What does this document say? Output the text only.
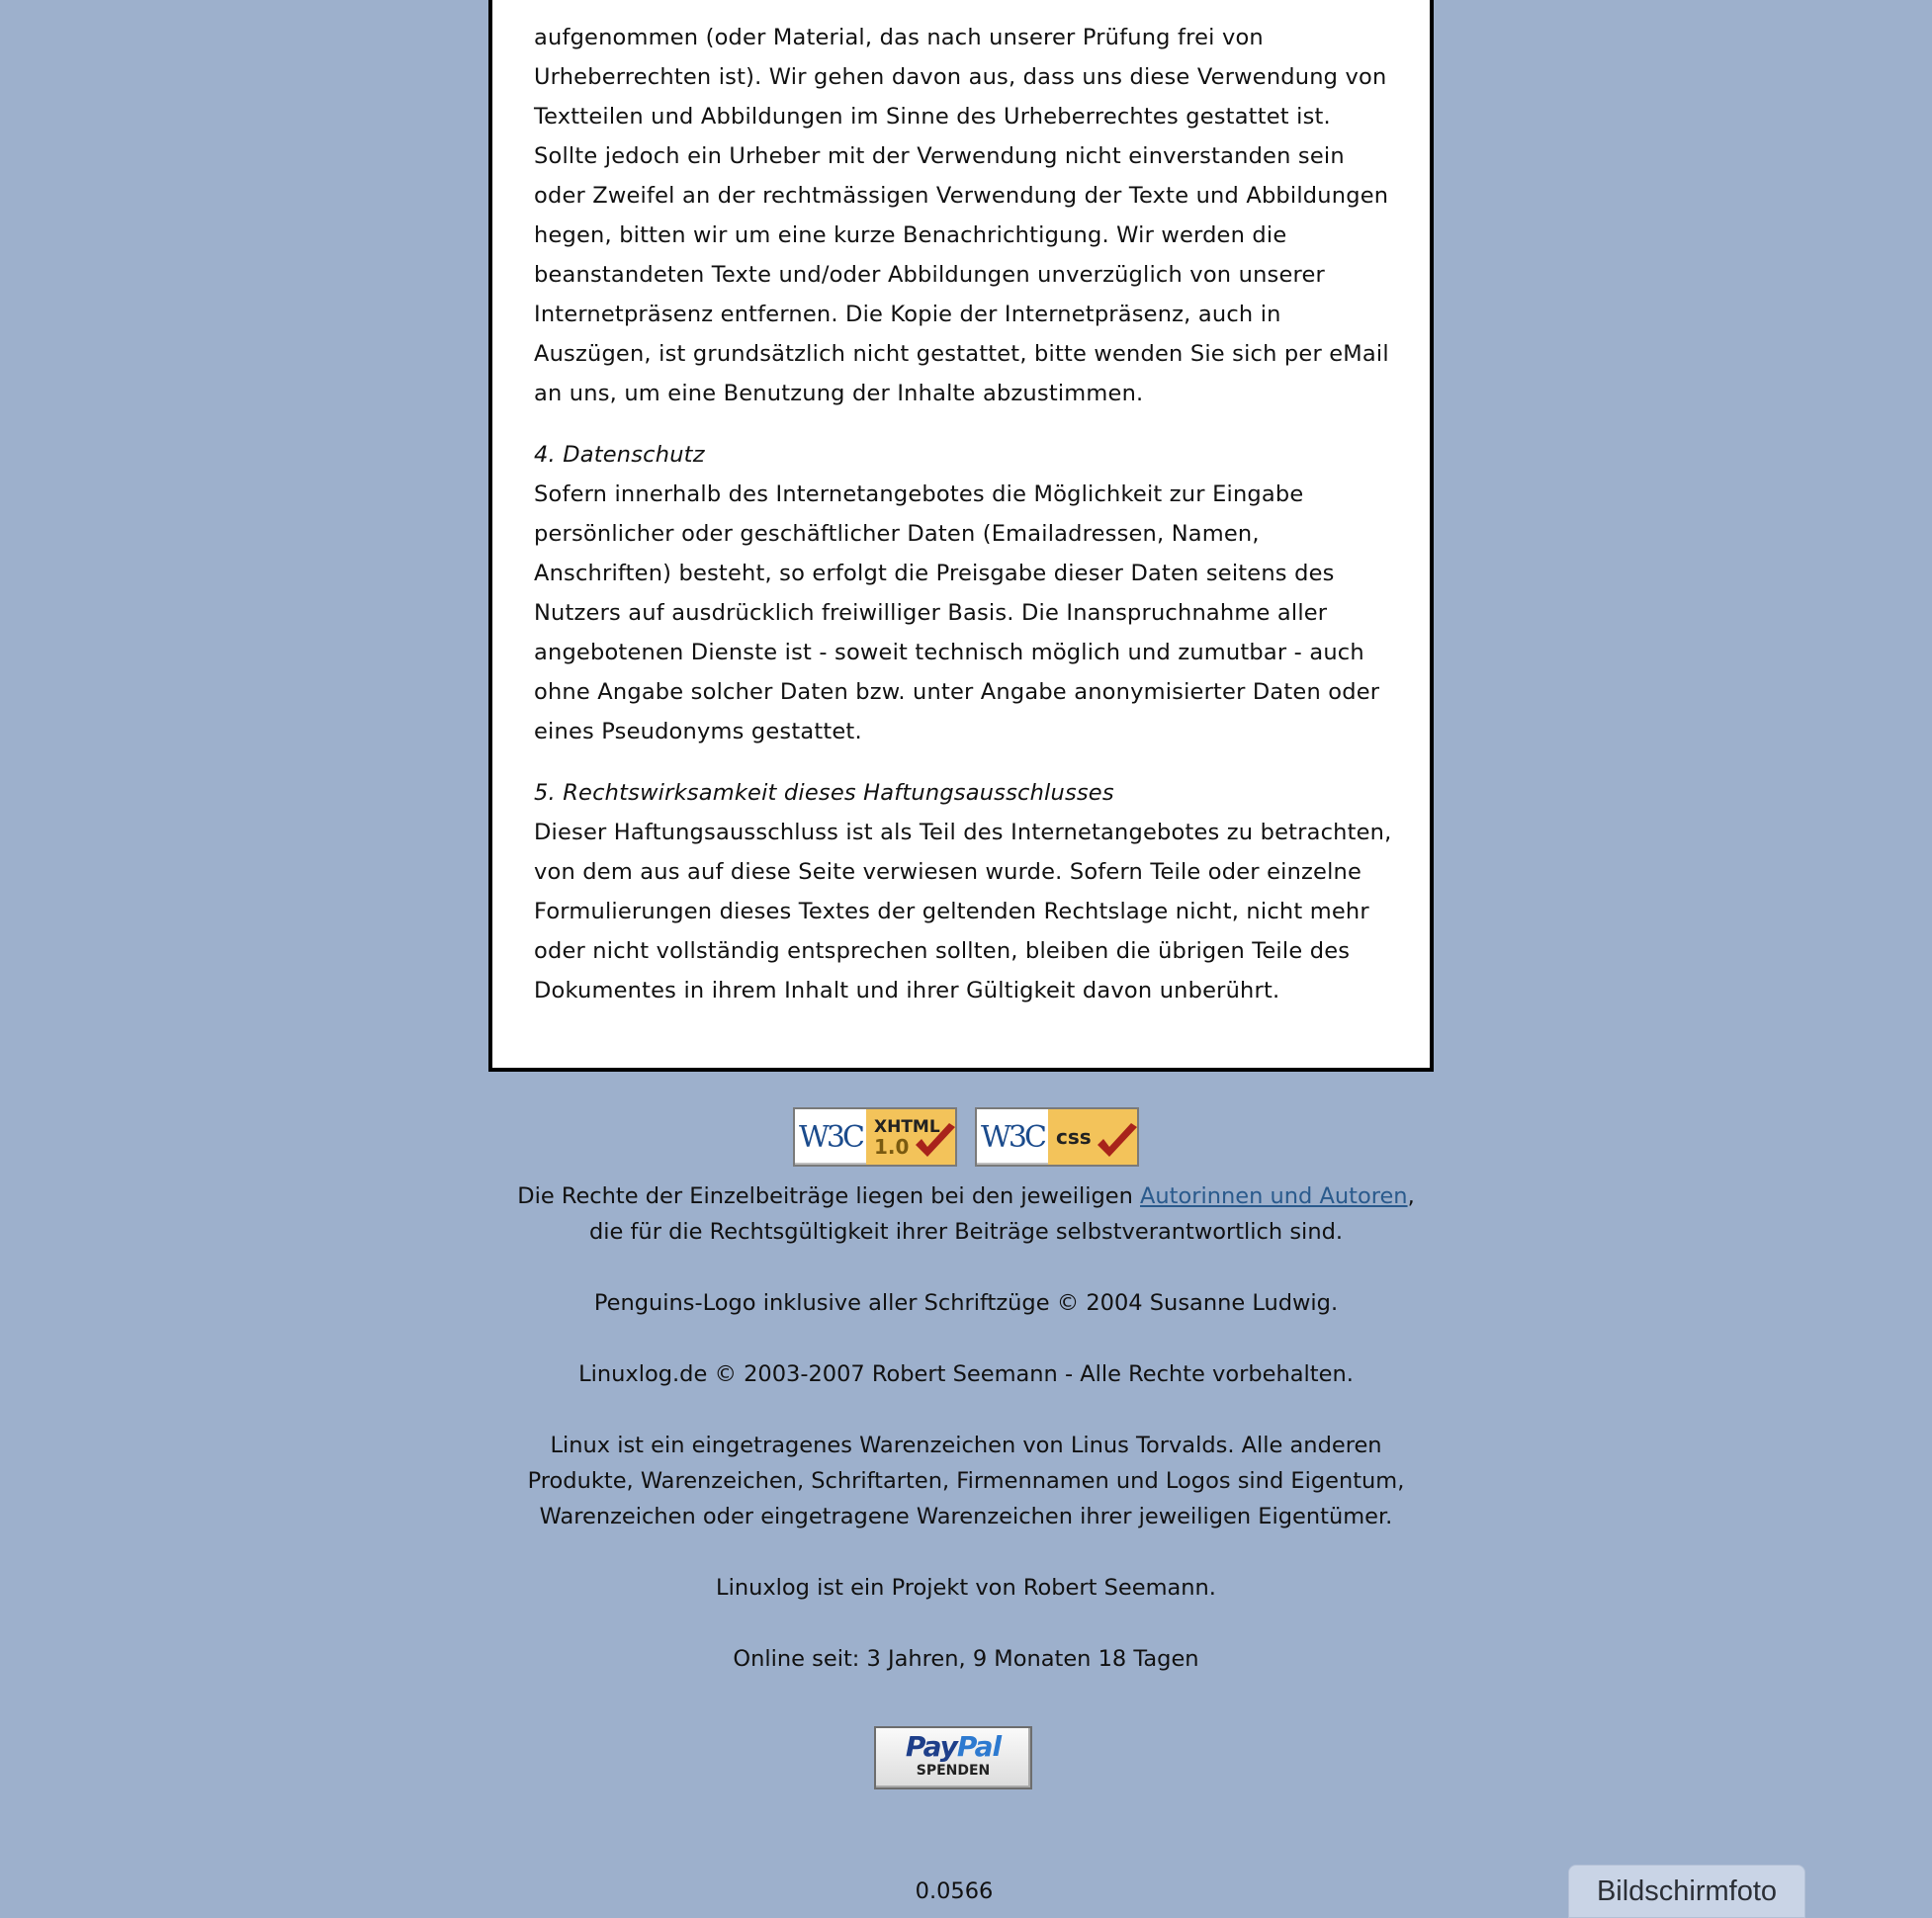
aufgenommen (oder Material, das nach unserer Prüfung frei von Urheberrechten ist). Wir gehen davon aus, dass uns diese Verwendung von Textteilen und Abbildungen im Sinne des Urheberrechtes gestattet ist. Sollte jedoch ein Urheber mit der Verwendung nicht einverstanden sein oder Zweifel an der rechtmässigen Verwendung der Texte und Abbildungen hegen, bitten wir um eine kurze Benachrichtigung. Wir werden die beanstandeten Texte und/oder Abbildungen unverzüglich von unserer Internetpräsenz entfernen. Die Kopie der Internetpräsenz, auch in Auszügen, ist grundsätzlich nicht gestattet, bitte wenden Sie sich per eMail an uns, um eine Benutzung der Inhalte abzustimmen.

4. Datenschutz

Sofern innerhalb des Internetangebotes die Möglichkeit zur Eingabe persönlicher oder geschäftlicher Daten (Emailadressen, Namen, Anschriften) besteht, so erfolgt die Preisgabe dieser Daten seitens des Nutzers auf ausdrücklich freiwilliger Basis. Die Inanspruchnahme aller angebotenen Dienste ist - soweit technisch möglich und zumutbar - auch ohne Angabe solcher Daten bzw. unter Angabe anonymisierter Daten oder eines Pseudonyms gestattet.

5. Rechtswirksamkeit dieses Haftungsausschlusses

Dieser Haftungsausschluss ist als Teil des Internetangebotes zu betrachten, von dem aus auf diese Seite verwiesen wurde. Sofern Teile oder einzelne Formulierungen dieses Textes der geltenden Rechtslage nicht, nicht mehr oder nicht vollständig entsprechen sollten, bleiben die übrigen Teile des Dokumentes in ihrem Inhalt und ihrer Gültigkeit davon unberührt.

W3C XHTML
1.0	W3C css

Die Rechte der Einzelbeiträge liegen bei den jeweiligen Autorinnen und Autoren,
die für die Rechtsgültigkeit ihrer Beiträge selbstverantwortlich sind.

Penguins-Logo inklusive aller Schriftzüge © 2004 Susanne Ludwig.

Linuxlog.de © 2003-2007 Robert Seemann - Alle Rechte vorbehalten.

Linux ist ein eingetragenes Warenzeichen von Linus Torvalds. Alle anderen
Produkte, Warenzeichen, Schriftarten, Firmennamen und Logos sind Eigentum,
Warenzeichen oder eingetragene Warenzeichen ihrer jeweiligen Eigentümer.

Linuxlog ist ein Projekt von Robert Seemann.

Online seit: 3 Jahren, 9 Monaten 18 Tagen

PayPal
SPENDEN
0.0566	Bildschirmfoto
